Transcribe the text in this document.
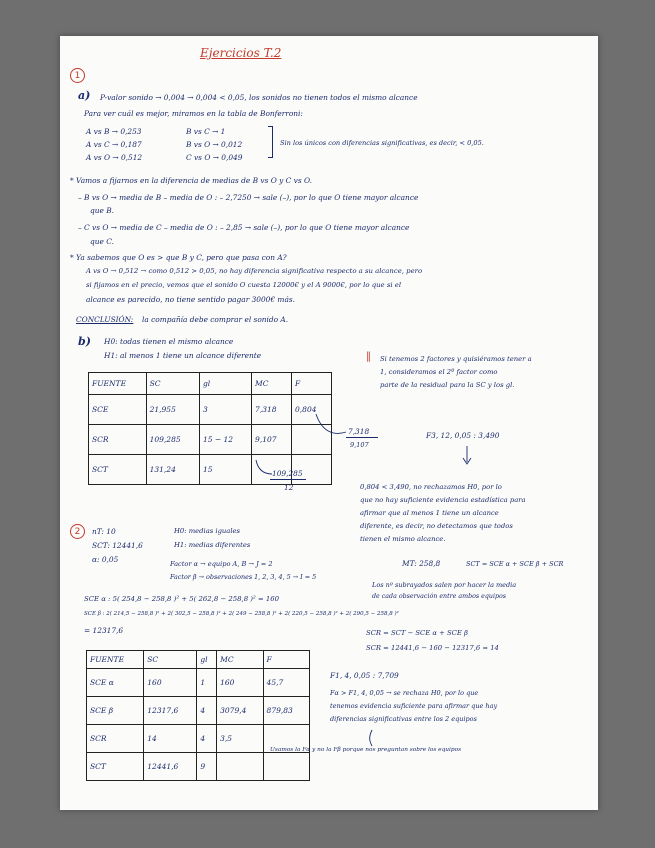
Ejercicios T.2
1
a) P-valor sonido → 0,004 → 0,004 < 0,05, los sonidos no tienen todos el mismo alcance
Para ver cuál es mejor, miramos en la tabla de Bonferroni:
A vs B → 0,253	B vs C → 1
A vs C → 0,187	B vs O → 0,012
A vs O → 0,512	C vs O → 0,049
Sin los únicos con diferencias significativas, es decir, < 0,05.
* Vamos a fijarnos en la diferencia de medias de B vs O y C vs O.
– B vs O → media de B – media de O : – 2,7250 → sale (–), por lo que O tiene mayor alcance
que B.
– C vs O → media de C – media de O : – 2,85 → sale (–), por lo que O tiene mayor alcance
que C.
* Ya sabemos que O es > que B y C, pero que pasa con A?
A vs O → 0,512 → como 0,512 > 0,05, no hay diferencia significativa respecto a su alcance, pero
si fijamos en el precio, vemos que el sonido O cuesta 12000€ y el A 9000€, por lo que si el
alcance es parecido, no tiene sentido pagar 3000€ más.
CONCLUSIÓN: la compañía debe comprar el sonido A.
b) H0: todas tienen el mismo alcance
H1: al menos 1 tiene un alcance diferente
FUENTE	SC	gl	MC	F
SCE	21,955	3	7,318	0,804
SCR	109,285	15 − 12	9,107	
SCT	131,24	15		
7,318
9,107
109,285
12
‖ Si tenemos 2 factores y quisiéramos tener a
1, consideramos el 2º factor como
parte de la residual para la SC y los gl.
F3, 12, 0,05 : 3,490
0,804 < 3,490, no rechazamos H0, por lo
que no hay suficiente evidencia estadística para
afirmar que al menos 1 tiene un alcance
diferente, es decir, no detectamos que todos
tienen el mismo alcance.
2	nT: 10
SCT: 12441,6
α: 0,05
H0: medias iguales
H1: medias diferentes
Factor α → equipo A, B → J = 2
Factor β → observaciones 1, 2, 3, 4, 5 → I = 5
MT: 258,8	SCT = SCE α + SCE β + SCR
Los nº subrayados salen por hacer la media
de cada observación entre ambos equipos
SCE α : 5( 254,8 − 258,8 )² + 5( 262,8 − 258,8 )² = 160
SCE β : 2( 214,5 − 258,8 )² + 2( 302,5 − 258,8 )² + 2( 249 − 258,8 )² + 2( 220,5 − 258,8 )² + 2( 290,5 − 258,8 )²
= 12317,6	SCR = SCT − SCE α + SCE β
SCR = 12441,6 − 160 − 12317,6 = 14
FUENTE	SC	gl	MC	F
SCE α	160	1	160	45,7
SCE β	12317,6	4	3079,4	879,83
SCR	14	4	3,5	
SCT	12441,6	9		
F1, 4, 0,05 : 7,709
Fα > F1, 4, 0,05 → se rechaza H0, por lo que
tenemos evidencia suficiente para afirmar que hay
diferencias significativas entre los 2 equipos
Usamos la Fα y no la Fβ porque nos preguntan sobre los equipos
